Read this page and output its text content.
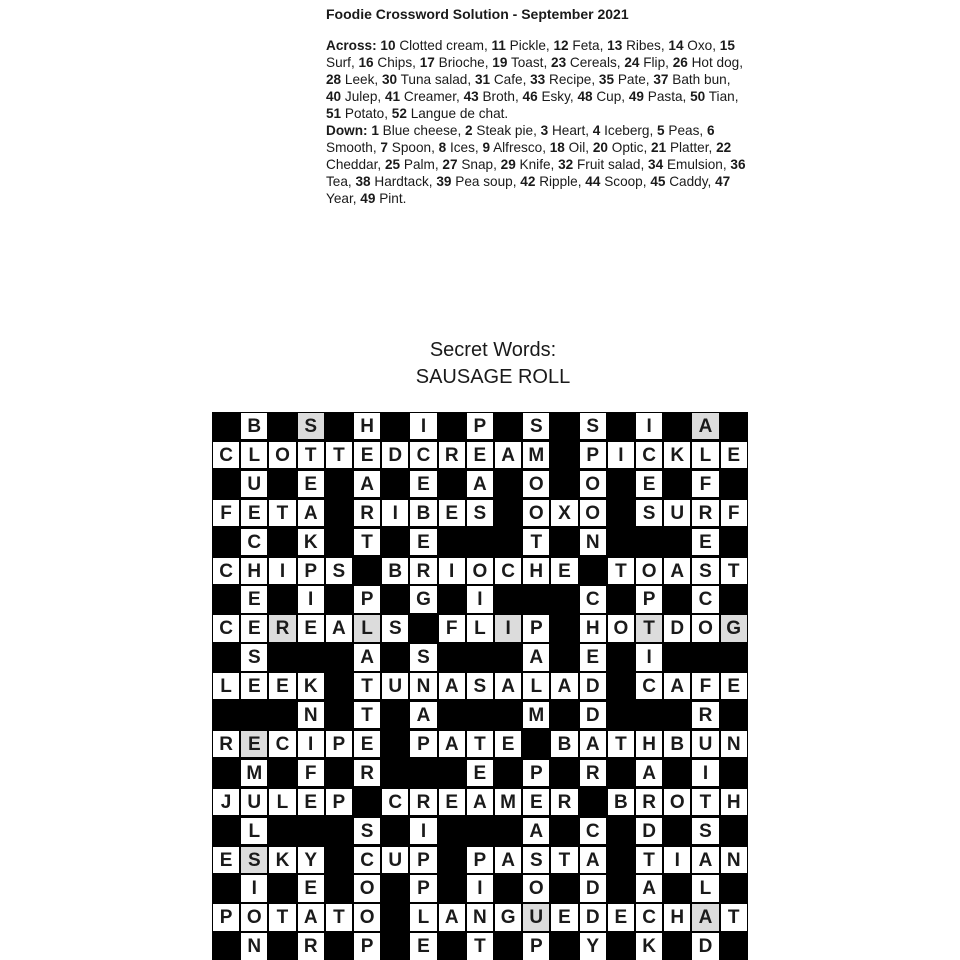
Foodie Crossword Solution - September 2021

Across: 10 Clotted cream, 11 Pickle, 12 Feta, 13 Ribes, 14 Oxo, 15 Surf, 16 Chips, 17 Brioche, 19 Toast, 23 Cereals, 24 Flip, 26 Hot dog, 28 Leek, 30 Tuna salad, 31 Cafe, 33 Recipe, 35 Pate, 37 Bath bun, 40 Julep, 41 Creamer, 43 Broth, 46 Esky, 48 Cup, 49 Pasta, 50 Tian, 51 Potato, 52 Langue de chat.

Down: 1 Blue cheese, 2 Steak pie, 3 Heart, 4 Iceberg, 5 Peas, 6 Smooth, 7 Spoon, 8 Ices, 9 Alfresco, 18 Oil, 20 Optic, 21 Platter, 22 Cheddar, 25 Palm, 27 Snap, 29 Knife, 32 Fruit salad, 34 Emulsion, 36 Tea, 38 Hardtack, 39 Pea soup, 42 Ripple, 44 Scoop, 45 Caddy, 47 Year, 49 Pint.

Secret Words:
SAUSAGE ROLL
B	S	H	I	P	S	S	I	A
C L O T T E D C R E A M	P	I C K L E
U	E	A	E	A	O	O	E	F
F E T A	R I B E S	O X O	S U R F
C	K	T	E	T	N	E
C H I	P S	B R I O C H E	T O A S T
E	I	P	G	I	C	P	C
C E R E A L S	F L	I	P	H O T D O G
S	A	S	A	E	I
L E E K	T U N A S A L A D	C A F E
N	T	A	M	D	R
R E C I	P E	P A T E	B A T H B U N
M	F	R	E	P	R	A	I
J U L E P	C R E A M E R	B R O T H
L	S	I	A	C	D	S
E S K Y	C U P	P A S T A	T	I A N
I	E	O	P	I	O	D	A	L
P O T A T O	L A N G U E D E C H A T
N	R	P	E	T	P	Y	K	D
